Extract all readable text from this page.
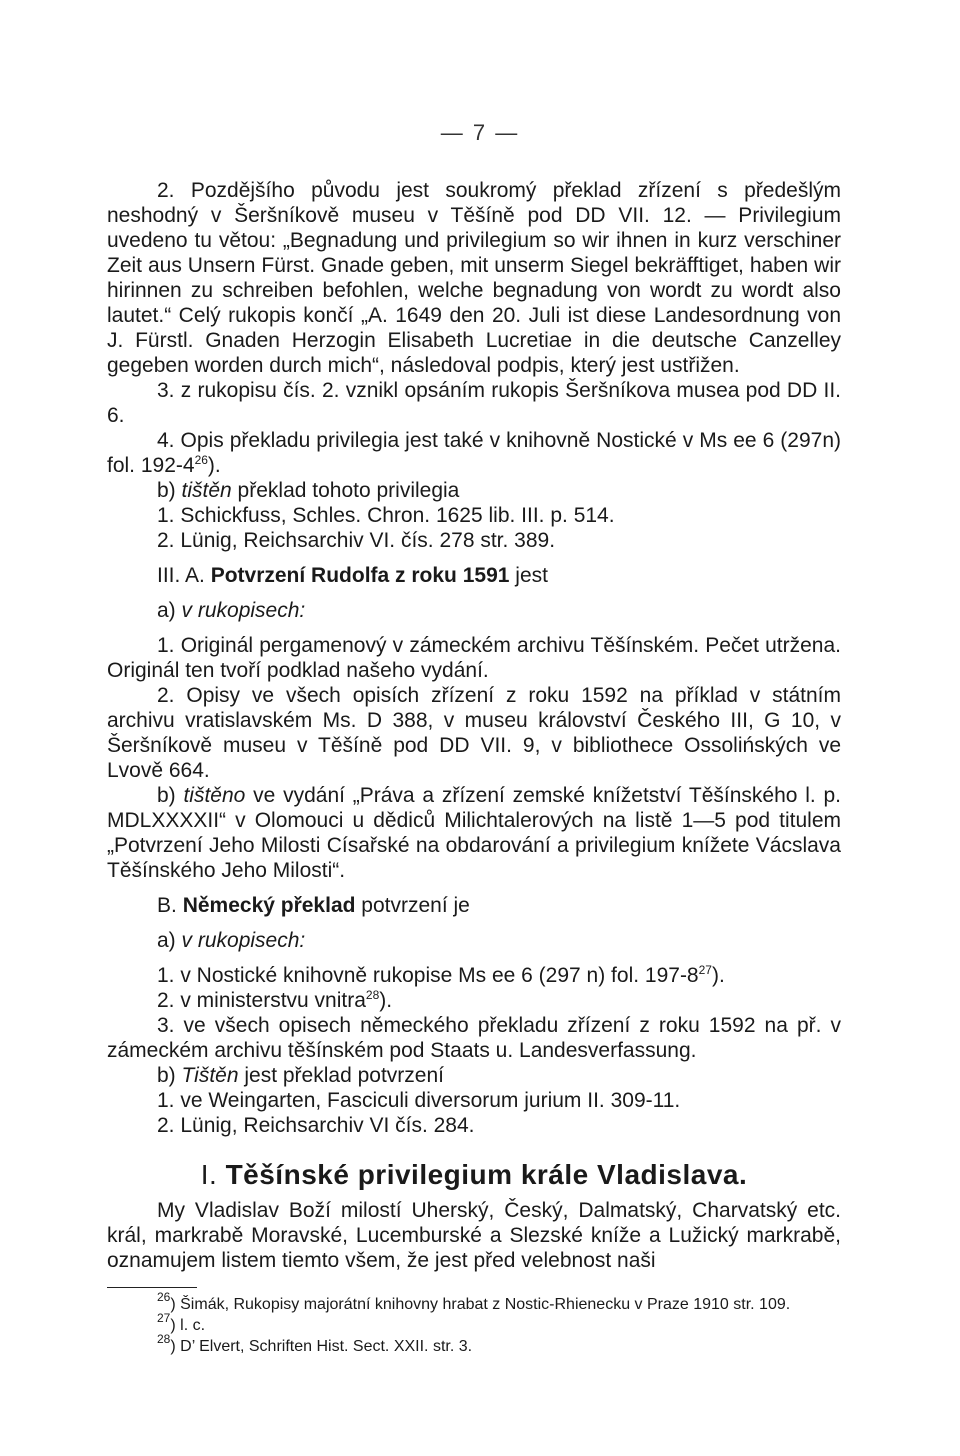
— 7 —

2. Pozdějšího původu jest soukromý překlad zřízení s předešlým neshodný v Šeršníkově museu v Těšíně pod DD VII. 12. — Privilegium uvedeno tu větou: „Begnadung und privilegium so wir ihnen in kurz verschiner Zeit aus Unsern Fürst. Gnade geben, mit unserm Siegel bekräfftiget, haben wir hirinnen zu schreiben befohlen, welche begnadung von wordt zu wordt also lautet.“ Celý rukopis končí „A. 1649 den 20. Juli ist diese Landesordnung von J. Fürstl. Gnaden Herzogin Elisabeth Lucretiae in die deutsche Canzelley gegeben worden durch mich“, následoval podpis, který jest ustřižen.

3. z rukopisu čís. 2. vznikl opsáním rukopis Šeršníkova musea pod DD II. 6.

4. Opis překladu privilegia jest také v knihovně Nostické v Ms ee 6 (297n) fol. $192-4^{26}$).

b) tištěn překlad tohoto privilegia

1. Schickfuss, Schles. Chron. 1625 lib. III. p. 514.

2. Lünig, Reichsarchiv VI. čís. 278 str. 389.

III. A. Potvrzení Rudolfa z roku 1591 jest

a) v rukopisech:

1. Originál pergamenový v zámeckém archivu Těšínském. Pečet utržena. Originál ten tvoří podklad našeho vydání.

2. Opisy ve všech opisích zřízení z roku 1592 na příklad v státním archivu vratislavském Ms. D 388, v museu království Českého III, G 10, v Šeršníkově museu v Těšíně pod DD VII. 9, v bibliothece Ossolińských ve Lvově 664.

b) tištěno ve vydání „Práva a zřízení zemské knížetství Těšínského l. p. MDLXXXXII“ v Olomouci u dědiců Milichtalerových na listě 1—5 pod titulem „Potvrzení Jeho Milosti Císařské na obdarování a privilegium knížete Vácslava Těšínského Jeho Milosti“.

B. Německý překlad potvrzení je

a) v rukopisech:

1. v Nostické knihovně rukopise Ms ee 6 (297 n) fol. $197-8^{27}$).

2. v ministerstvu vnitra$^{28}$).

3. ve všech opisech německého překladu zřízení z roku 1592 na př. v zámeckém archivu těšínském pod Staats u. Landesverfassung.

b) Tištěn jest překlad potvrzení

1. ve Weingarten, Fasciculi diversorum jurium II. 309-11.

2. Lünig, Reichsarchiv VI čís. 284.

I. Těšínské privilegium krále Vladislava.

My Vladislav Boží milostí Uherský, Český, Dalmatský, Charvatský etc. král, markrabě Moravské, Lucemburské a Slezské kníže a Lužický markrabě, oznamujem listem tiemto všem, že jest před velebnost naši

$^{26}$) Šimák, Rukopisy majorátní knihovny hrabat z Nostic-Rhienecku v Praze 1910 str. 109.

$^{27}$) l. c.

$^{28}$) D’ Elvert, Schriften Hist. Sect. XXII. str. 3.
